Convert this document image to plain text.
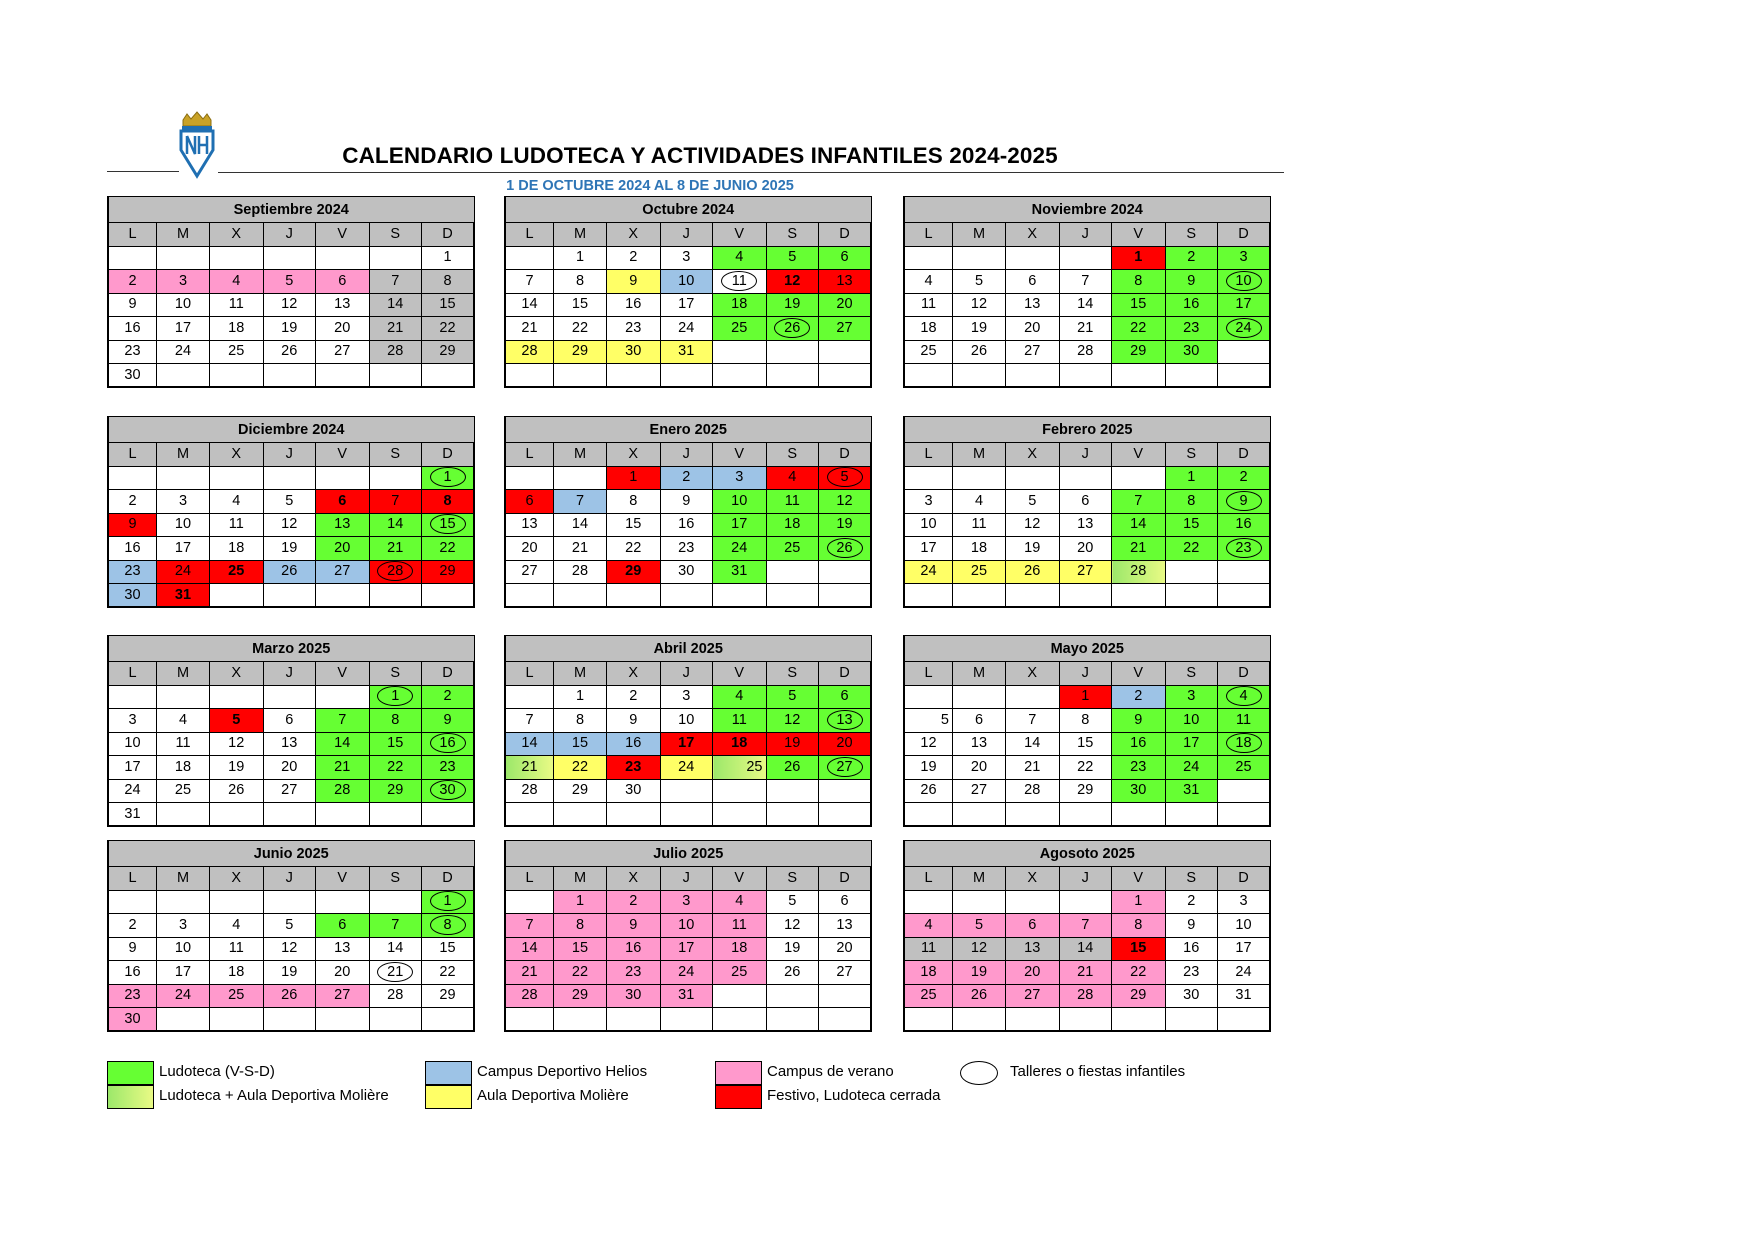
CALENDARIO LUDOTECA Y ACTIVIDADES INFANTILES 2024-2025
1 DE OCTUBRE 2024 AL 8 DE JUNIO 2025
Septiembre 2024						
L	M	X	J	V	S	D
						1
2	3	4	5	6	7	8
9	10	11	12	13	14	15
16	17	18	19	20	21	22
23	24	25	26	27	28	29
30						
Octubre 2024						
L	M	X	J	V	S	D
	1	2	3	4	5	6
7	8	9	10	11	12	13
14	15	16	17	18	19	20
21	22	23	24	25	26	27
28	29	30	31			

Noviembre 2024						
L	M	X	J	V	S	D
				1	2	3
4	5	6	7	8	9	10
11	12	13	14	15	16	17
18	19	20	21	22	23	24
25	26	27	28	29	30	

Diciembre 2024						
L	M	X	J	V	S	D
						1
2	3	4	5	6	7	8
9	10	11	12	13	14	15
16	17	18	19	20	21	22
23	24	25	26	27	28	29
30	31					
Enero 2025						
L	M	X	J	V	S	D
		1	2	3	4	5
6	7	8	9	10	11	12
13	14	15	16	17	18	19
20	21	22	23	24	25	26
27	28	29	30	31		

Febrero 2025						
L	M	X	J	V	S	D
					1	2
3	4	5	6	7	8	9
10	11	12	13	14	15	16
17	18	19	20	21	22	23
24	25	26	27	28		

Marzo 2025						
L	M	X	J	V	S	D
					1	2
3	4	5	6	7	8	9
10	11	12	13	14	15	16
17	18	19	20	21	22	23
24	25	26	27	28	29	30
31						
Abril 2025						
L	M	X	J	V	S	D
	1	2	3	4	5	6
7	8	9	10	11	12	13
14	15	16	17	18	19	20
21	22	23	24	25	26	27
28	29	30				

Mayo 2025						
L	M	X	J	V	S	D
			1	2	3	4
5	6	7	8	9	10	11
12	13	14	15	16	17	18
19	20	21	22	23	24	25
26	27	28	29	30	31	

Junio 2025						
L	M	X	J	V	S	D
						1
2	3	4	5	6	7	8
9	10	11	12	13	14	15
16	17	18	19	20	21	22
23	24	25	26	27	28	29
30						
Julio 2025						
L	M	X	J	V	S	D
	1	2	3	4	5	6
7	8	9	10	11	12	13
14	15	16	17	18	19	20
21	22	23	24	25	26	27
28	29	30	31			

Agosoto 2025						
L	M	X	J	V	S	D
				1	2	3
4	5	6	7	8	9	10
11	12	13	14	15	16	17
18	19	20	21	22	23	24
25	26	27	28	29	30	31

Ludoteca (V-S-D)
Ludoteca + Aula Deportiva Molière
Campus Deportivo Helios
Aula Deportiva Molière
Campus de verano
Festivo, Ludoteca cerrada
Talleres o fiestas infantiles
